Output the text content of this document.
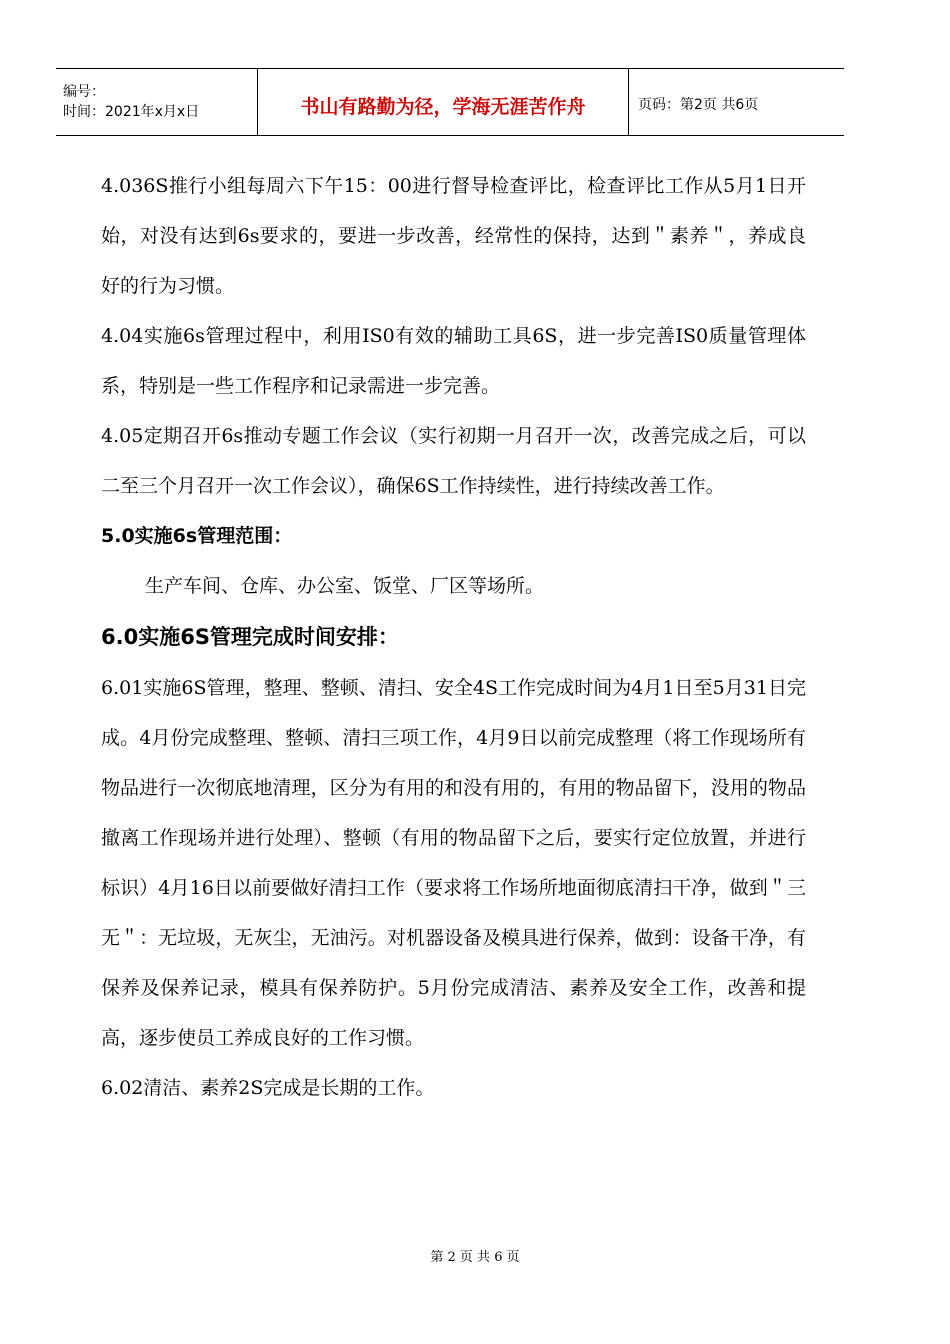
编号：
时间：2021年x月x日	书山有路勤为径，学海无涯苦作舟	页码：第2页 共6页

4.036S推行小组每周六下午15：00进行督导检查评比，检查评比工作从5月1日开始，对没有达到6s要求的，要进一步改善，经常性的保持，达到＂素养＂，养成良好的行为习惯。

4.04实施6s管理过程中，利用IS0有效的辅助工具6S，进一步完善IS0质量管理体系，特别是一些工作程序和记录需进一步完善。

4.05定期召开6s推动专题工作会议（实行初期一月召开一次，改善完成之后，可以二至三个月召开一次工作会议），确保6S工作持续性，进行持续改善工作。

5.0实施6s管理范围：

生产车间、仓库、办公室、饭堂、厂区等场所。

6.0实施6S管理完成时间安排：

6.01实施6S管理，整理、整顿、清扫、安全4S工作完成时间为4月1日至5月31日完成。4月份完成整理、整顿、清扫三项工作，4月9日以前完成整理（将工作现场所有物品进行一次彻底地清理，区分为有用的和没有用的，有用的物品留下，没用的物品撤离工作现场并进行处理）、整顿（有用的物品留下之后，要实行定位放置，并进行标识）4月16日以前要做好清扫工作（要求将工作场所地面彻底清扫干净，做到＂三无＂：无垃圾，无灰尘，无油污。对机器设备及模具进行保养，做到：设备干净，有保养及保养记录，模具有保养防护。5月份完成清洁、素养及安全工作，改善和提高，逐步使员工养成良好的工作习惯。

6.02清洁、素养2S完成是长期的工作。

第 2 页 共 6 页
